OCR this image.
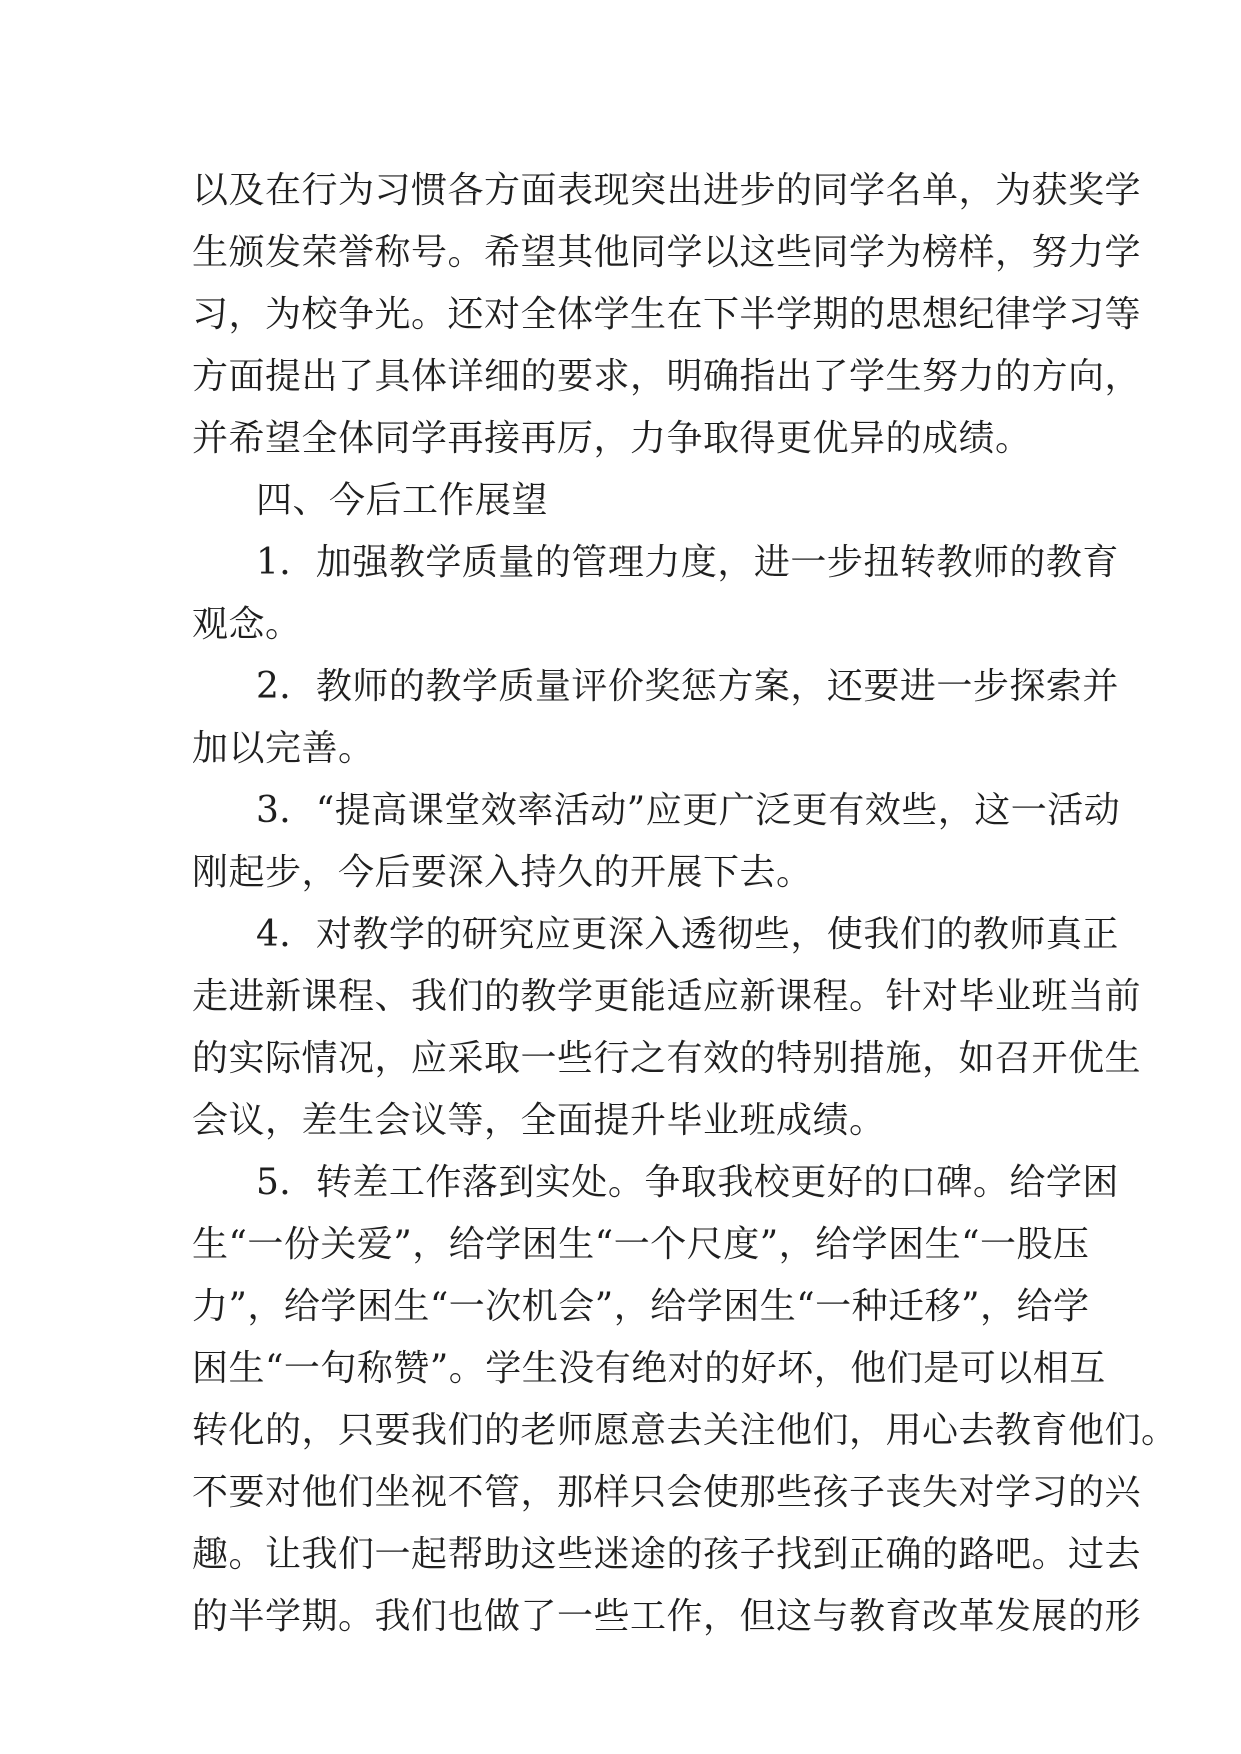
以及在行为习惯各方面表现突出进步的同学名单，为获奖学
生颁发荣誉称号。希望其他同学以这些同学为榜样，努力学
习，为校争光。还对全体学生在下半学期的思想纪律学习等
方面提出了具体详细的要求，明确指出了学生努力的方向，
并希望全体同学再接再厉，力争取得更优异的成绩。
四、今后工作展望
1．加强教学质量的管理力度，进一步扭转教师的教育
观念。
2．教师的教学质量评价奖惩方案，还要进一步探索并
加以完善。
3．“提高课堂效率活动”应更广泛更有效些，这一活动
刚起步，今后要深入持久的开展下去。
4．对教学的研究应更深入透彻些，使我们的教师真正
走进新课程、我们的教学更能适应新课程。针对毕业班当前
的实际情况，应采取一些行之有效的特别措施，如召开优生
会议，差生会议等，全面提升毕业班成绩。
5．转差工作落到实处。争取我校更好的口碑。给学困
生“一份关爱”，给学困生“一个尺度”，给学困生“一股压
力”，给学困生“一次机会”，给学困生“一种迁移”，给学
困生“一句称赞”。学生没有绝对的好坏，他们是可以相互
转化的，只要我们的老师愿意去关注他们，用心去教育他们。
不要对他们坐视不管，那样只会使那些孩子丧失对学习的兴
趣。让我们一起帮助这些迷途的孩子找到正确的路吧。过去
的半学期。我们也做了一些工作，但这与教育改革发展的形
